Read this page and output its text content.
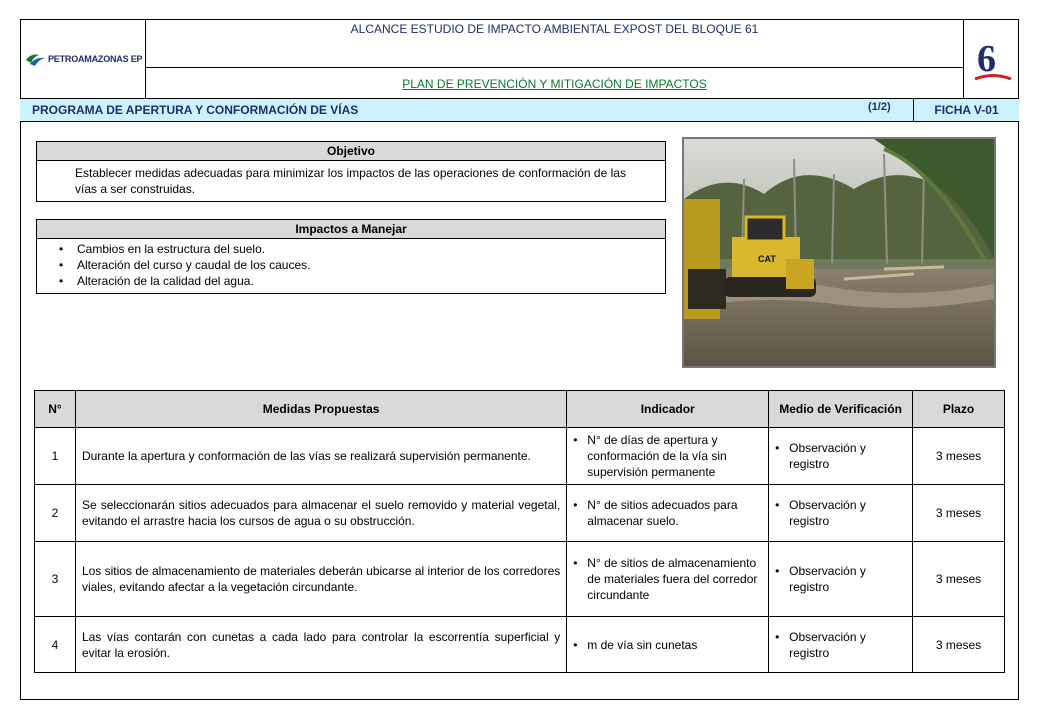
PETROAMAZONAS EP
ALCANCE ESTUDIO DE IMPACTO AMBIENTAL EXPOST DEL BLOQUE 61
PLAN DE PREVENCIÓN Y MITIGACIÓN DE IMPACTOS
6
PROGRAMA DE APERTURA Y CONFORMACIÓN DE VÍAS	(1/2)	FICHA V-01
Objetivo
Establecer medidas adecuadas para minimizar los impactos de las operaciones de conformación de las vías a ser construidas.
Impactos a Manejar
• Cambios en la estructura del suelo.
• Alteración del curso y caudal de los cauces.
• Alteración de la calidad del agua.
CAT
N°	Medidas Propuestas	Indicador	Medio de Verificación	Plazo
1	Durante la apertura y conformación de las vías se realizará supervisión permanente.	• N° de días de apertura y conformación de la vía sin supervisión permanente	• Observación y registro	3 meses
2	Se seleccionarán sitios adecuados para almacenar el suelo removido y material vegetal, evitando el arrastre hacia los cursos de agua o su obstrucción.	• N° de sitios adecuados para almacenar suelo.	• Observación y registro	3 meses
3	Los sitios de almacenamiento de materiales deberán ubicarse al interior de los corredores viales, evitando afectar a la vegetación circundante.	• N° de sitios de almacenamiento de materiales fuera del corredor circundante	• Observación y registro	3 meses
4	Las vías contarán con cunetas a cada lado para controlar la escorrentía superficial y evitar la erosión.	• m de vía sin cunetas	• Observación y registro	3 meses
